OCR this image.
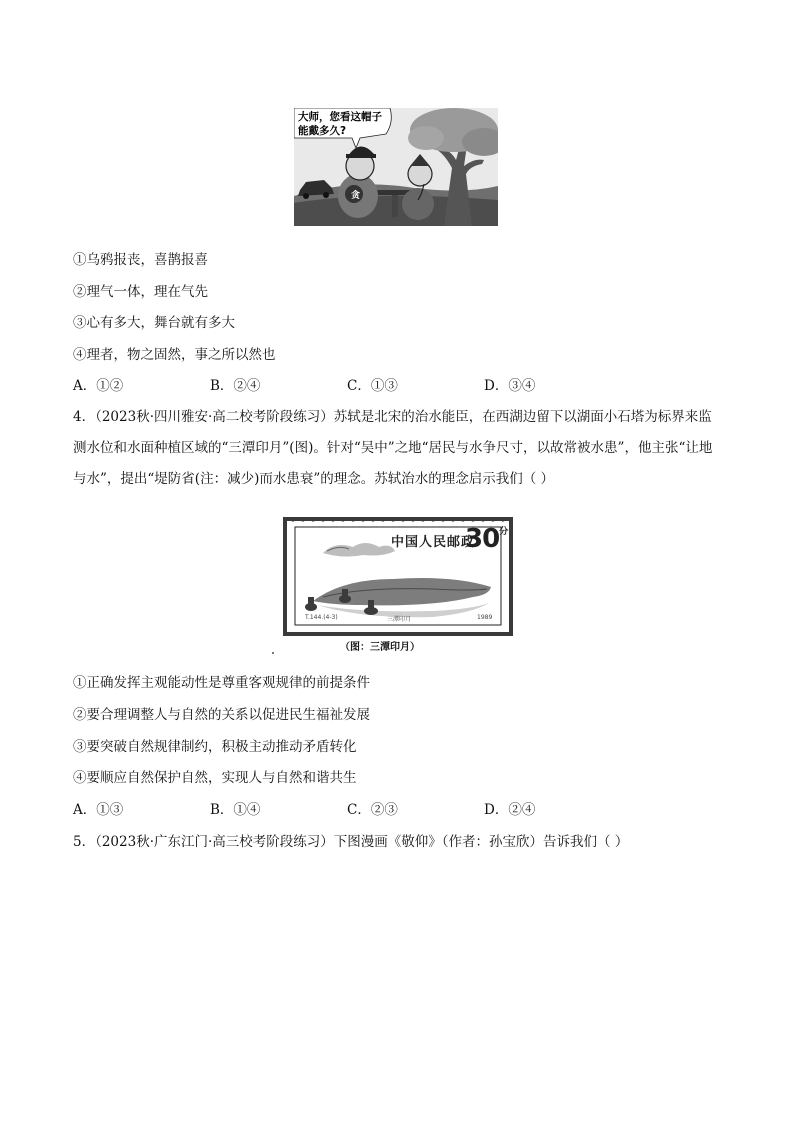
大师，您看这帽子能戴多久?
贪
①乌鸦报丧，喜鹊报喜
②理气一体，理在气先
③心有多大，舞台就有多大
④理者，物之固然，事之所以然也
A．①②	B．②④	C．①③	D．③④
4．（2023秋·四川雅安·高二校考阶段练习）苏轼是北宋的治水能臣，在西湖边留下以湖面小石塔为标界来监测水位和水面种植区域的“三潭印月”(图)。针对“吴中”之地“居民与水争尺寸，以故常被水患”，他主张“让地与水”，提出“堤防省(注：减少)而水患衰”的理念。苏轼治水的理念启示我们（ ）
中国人民邮政
$30^分$
T.144.(4-3)	三潭印月	1989
（图：三潭印月）
①正确发挥主观能动性是尊重客观规律的前提条件
②要合理调整人与自然的关系以促进民生福祉发展
③要突破自然规律制约，积极主动推动矛盾转化
④要顺应自然保护自然，实现人与自然和谐共生
A．①③	B．①④	C．②③	D．②④
5．（2023秋·广东江门·高三校考阶段练习）下图漫画《敬仰》（作者：孙宝欣）告诉我们（ ）
